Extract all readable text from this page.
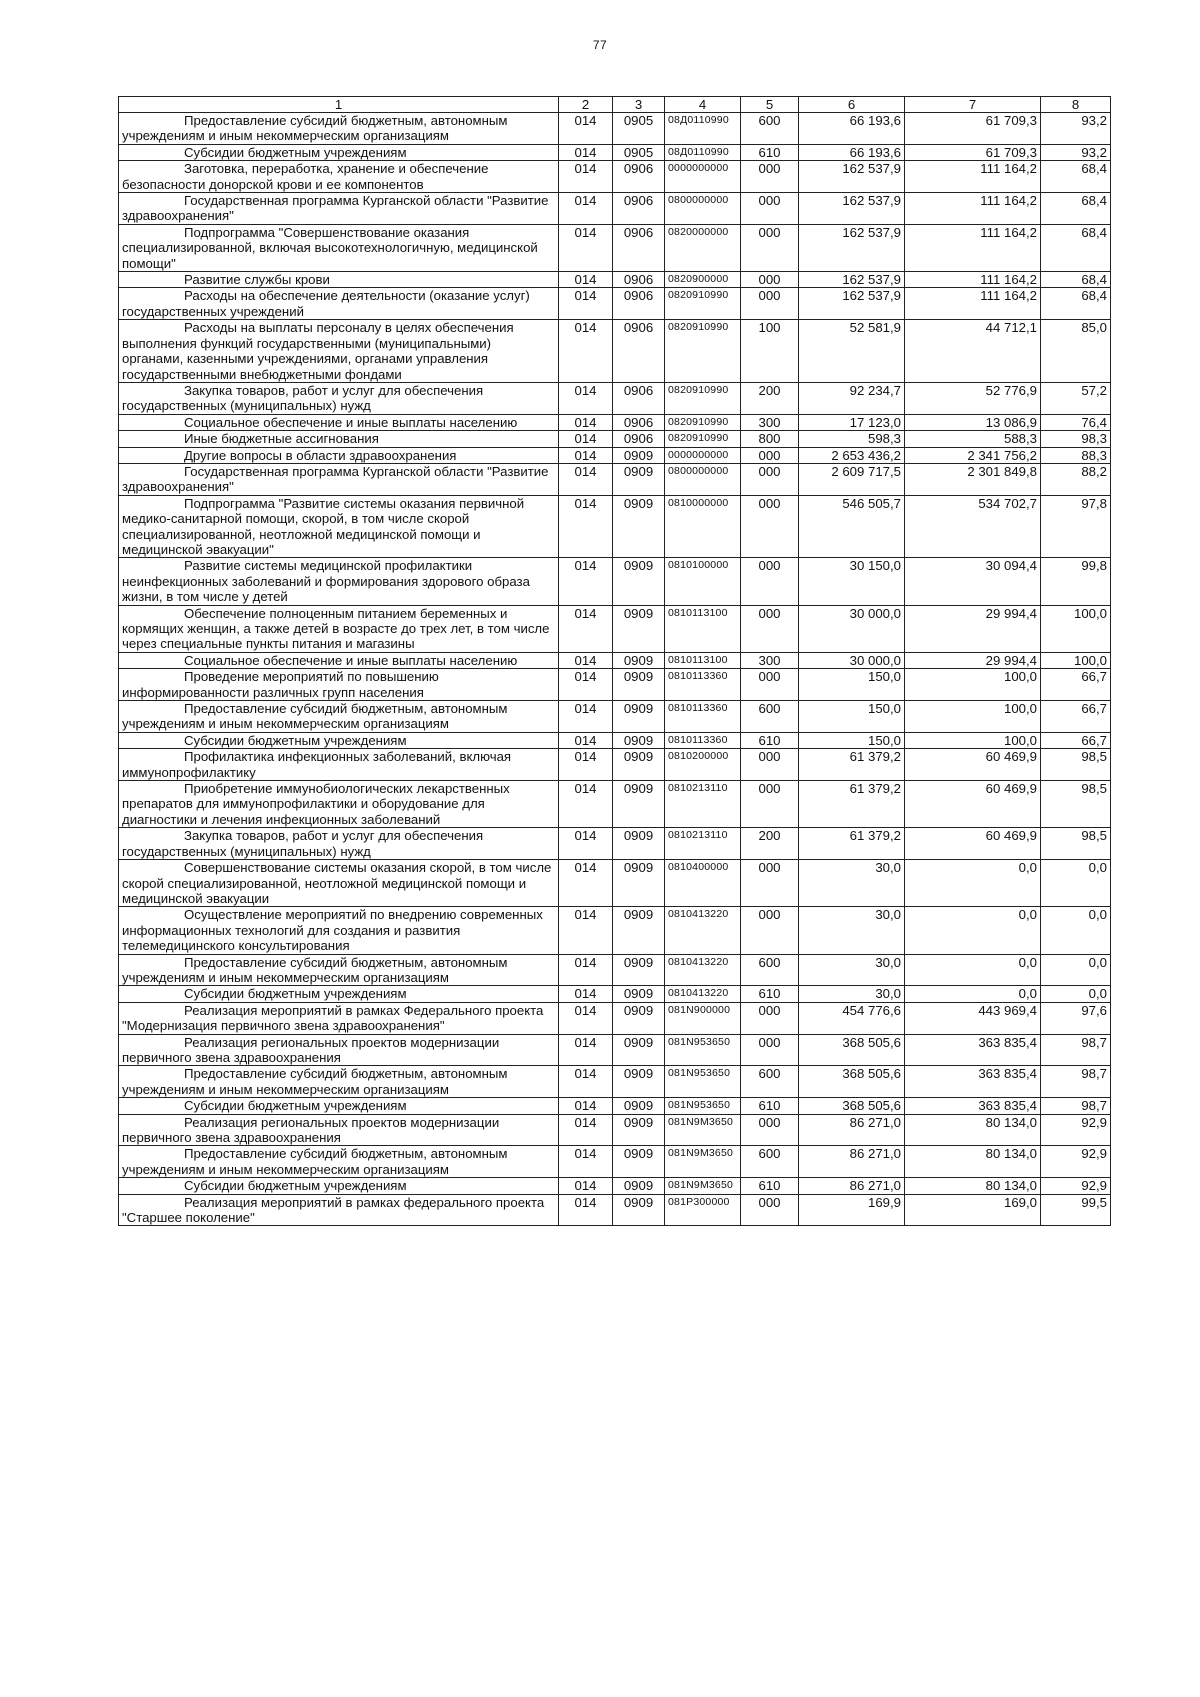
77
1	2	3	4	5	6	7	8
Предоставление субсидий бюджетным, автономным учреждениям и иным некоммерческим организациям	014	0905	08Д0110990	600	66 193,6	61 709,3	93,2
Субсидии бюджетным учреждениям	014	0905	08Д0110990	610	66 193,6	61 709,3	93,2
Заготовка, переработка, хранение и обеспечение безопасности донорской крови и ее компонентов	014	0906	0000000000	000	162 537,9	111 164,2	68,4
Государственная программа Курганской области "Развитие здравоохранения"	014	0906	0800000000	000	162 537,9	111 164,2	68,4
Подпрограмма "Совершенствование оказания специализированной, включая высокотехнологичную, медицинской помощи"	014	0906	0820000000	000	162 537,9	111 164,2	68,4
Развитие службы крови	014	0906	0820900000	000	162 537,9	111 164,2	68,4
Расходы на обеспечение деятельности (оказание услуг) государственных учреждений	014	0906	0820910990	000	162 537,9	111 164,2	68,4
Расходы на выплаты персоналу в целях обеспечения выполнения функций государственными (муниципальными) органами, казенными учреждениями, органами управления государственными внебюджетными фондами	014	0906	0820910990	100	52 581,9	44 712,1	85,0
Закупка товаров, работ и услуг для обеспечения государственных (муниципальных) нужд	014	0906	0820910990	200	92 234,7	52 776,9	57,2
Социальное обеспечение и иные выплаты населению	014	0906	0820910990	300	17 123,0	13 086,9	76,4
Иные бюджетные ассигнования	014	0906	0820910990	800	598,3	588,3	98,3
Другие вопросы в области здравоохранения	014	0909	0000000000	000	2 653 436,2	2 341 756,2	88,3
Государственная программа Курганской области "Развитие здравоохранения"	014	0909	0800000000	000	2 609 717,5	2 301 849,8	88,2
Подпрограмма "Развитие системы оказания первичной медико-санитарной помощи, скорой, в том числе скорой специализированной, неотложной медицинской помощи и медицинской эвакуации"	014	0909	0810000000	000	546 505,7	534 702,7	97,8
Развитие системы медицинской профилактики неинфекционных заболеваний и формирования здорового образа жизни, в том числе у детей	014	0909	0810100000	000	30 150,0	30 094,4	99,8
Обеспечение полноценным питанием беременных и кормящих женщин, а также детей в возрасте до трех лет, в том числе через специальные пункты питания и магазины	014	0909	0810113100	000	30 000,0	29 994,4	100,0
Социальное обеспечение и иные выплаты населению	014	0909	0810113100	300	30 000,0	29 994,4	100,0
Проведение мероприятий по повышению информированности различных групп населения	014	0909	0810113360	000	150,0	100,0	66,7
Предоставление субсидий бюджетным, автономным учреждениям и иным некоммерческим организациям	014	0909	0810113360	600	150,0	100,0	66,7
Субсидии бюджетным учреждениям	014	0909	0810113360	610	150,0	100,0	66,7
Профилактика инфекционных заболеваний, включая иммунопрофилактику	014	0909	0810200000	000	61 379,2	60 469,9	98,5
Приобретение иммунобиологических лекарственных препаратов для иммунопрофилактики и оборудование для диагностики и лечения инфекционных заболеваний	014	0909	0810213110	000	61 379,2	60 469,9	98,5
Закупка товаров, работ и услуг для обеспечения государственных (муниципальных) нужд	014	0909	0810213110	200	61 379,2	60 469,9	98,5
Совершенствование системы оказания скорой, в том числе скорой специализированной, неотложной медицинской помощи и медицинской эвакуации	014	0909	0810400000	000	30,0	0,0	0,0
Осуществление мероприятий по внедрению современных информационных технологий для создания и развития телемедицинского консультирования	014	0909	0810413220	000	30,0	0,0	0,0
Предоставление субсидий бюджетным, автономным учреждениям и иным некоммерческим организациям	014	0909	0810413220	600	30,0	0,0	0,0
Субсидии бюджетным учреждениям	014	0909	0810413220	610	30,0	0,0	0,0
Реализация мероприятий в рамках Федерального проекта "Модернизация первичного звена здравоохранения"	014	0909	081N900000	000	454 776,6	443 969,4	97,6
Реализация региональных проектов модернизации первичного звена здравоохранения	014	0909	081N953650	000	368 505,6	363 835,4	98,7
Предоставление субсидий бюджетным, автономным учреждениям и иным некоммерческим организациям	014	0909	081N953650	600	368 505,6	363 835,4	98,7
Субсидии бюджетным учреждениям	014	0909	081N953650	610	368 505,6	363 835,4	98,7
Реализация региональных проектов модернизации первичного звена здравоохранения	014	0909	081N9M3650	000	86 271,0	80 134,0	92,9
Предоставление субсидий бюджетным, автономным учреждениям и иным некоммерческим организациям	014	0909	081N9M3650	600	86 271,0	80 134,0	92,9
Субсидии бюджетным учреждениям	014	0909	081N9M3650	610	86 271,0	80 134,0	92,9
Реализация мероприятий в рамках федерального проекта "Старшее поколение"	014	0909	081P300000	000	169,9	169,0	99,5
